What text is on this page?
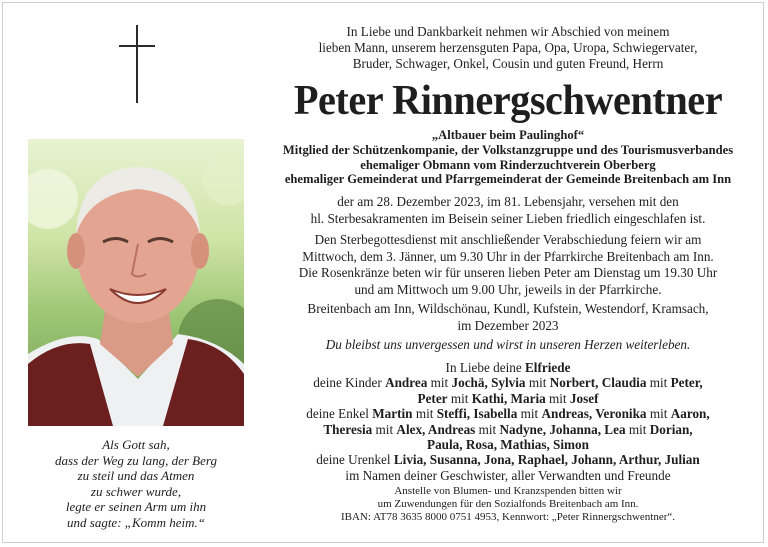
Als Gott sah,
dass der Weg zu lang, der Berg
zu steil und das Atmen
zu schwer wurde,
legte er seinen Arm um ihn
und sagte: „Komm heim.“
In Liebe und Dankbarkeit nehmen wir Abschied von meinem
lieben Mann, unserem herzensguten Papa, Opa, Uropa, Schwiegervater,
Bruder, Schwager, Onkel, Cousin und guten Freund, Herrn
Peter Rinnergschwentner
„Altbauer beim Paulinghof“
Mitglied der Schützenkompanie, der Volkstanzgruppe und des Tourismusverbandes
ehemaliger Obmann vom Rinderzuchtverein Oberberg
ehemaliger Gemeinderat und Pfarrgemeinderat der Gemeinde Breitenbach am Inn
der am 28. Dezember 2023, im 81. Lebensjahr, versehen mit den
hl. Sterbesakramenten im Beisein seiner Lieben friedlich eingeschlafen ist.
Den Sterbegottesdienst mit anschließender Verabschiedung feiern wir am
Mittwoch, dem 3. Jänner, um 9.30 Uhr in der Pfarrkirche Breitenbach am Inn.
Die Rosenkränze beten wir für unseren lieben Peter am Dienstag um 19.30 Uhr
und am Mittwoch um 9.00 Uhr, jeweils in der Pfarrkirche.
Breitenbach am Inn, Wildschönau, Kundl, Kufstein, Westendorf, Kramsach,
im Dezember 2023
Du bleibst uns unvergessen und wirst in unseren Herzen weiterleben.
In Liebe deine Elfriede
deine Kinder Andrea mit Jochä, Sylvia mit Norbert, Claudia mit Peter,
Peter mit Kathi, Maria mit Josef
deine Enkel Martin mit Steffi, Isabella mit Andreas, Veronika mit Aaron,
Theresia mit Alex, Andreas mit Nadyne, Johanna, Lea mit Dorian,
Paula, Rosa, Mathias, Simon
deine Urenkel Livia, Susanna, Jona, Raphael, Johann, Arthur, Julian
im Namen deiner Geschwister, aller Verwandten und Freunde
Anstelle von Blumen- und Kranzspenden bitten wir
um Zuwendungen für den Sozialfonds Breitenbach am Inn.
IBAN: AT78 3635 8000 0751 4953, Kennwort: „Peter Rinnergschwentner“.
